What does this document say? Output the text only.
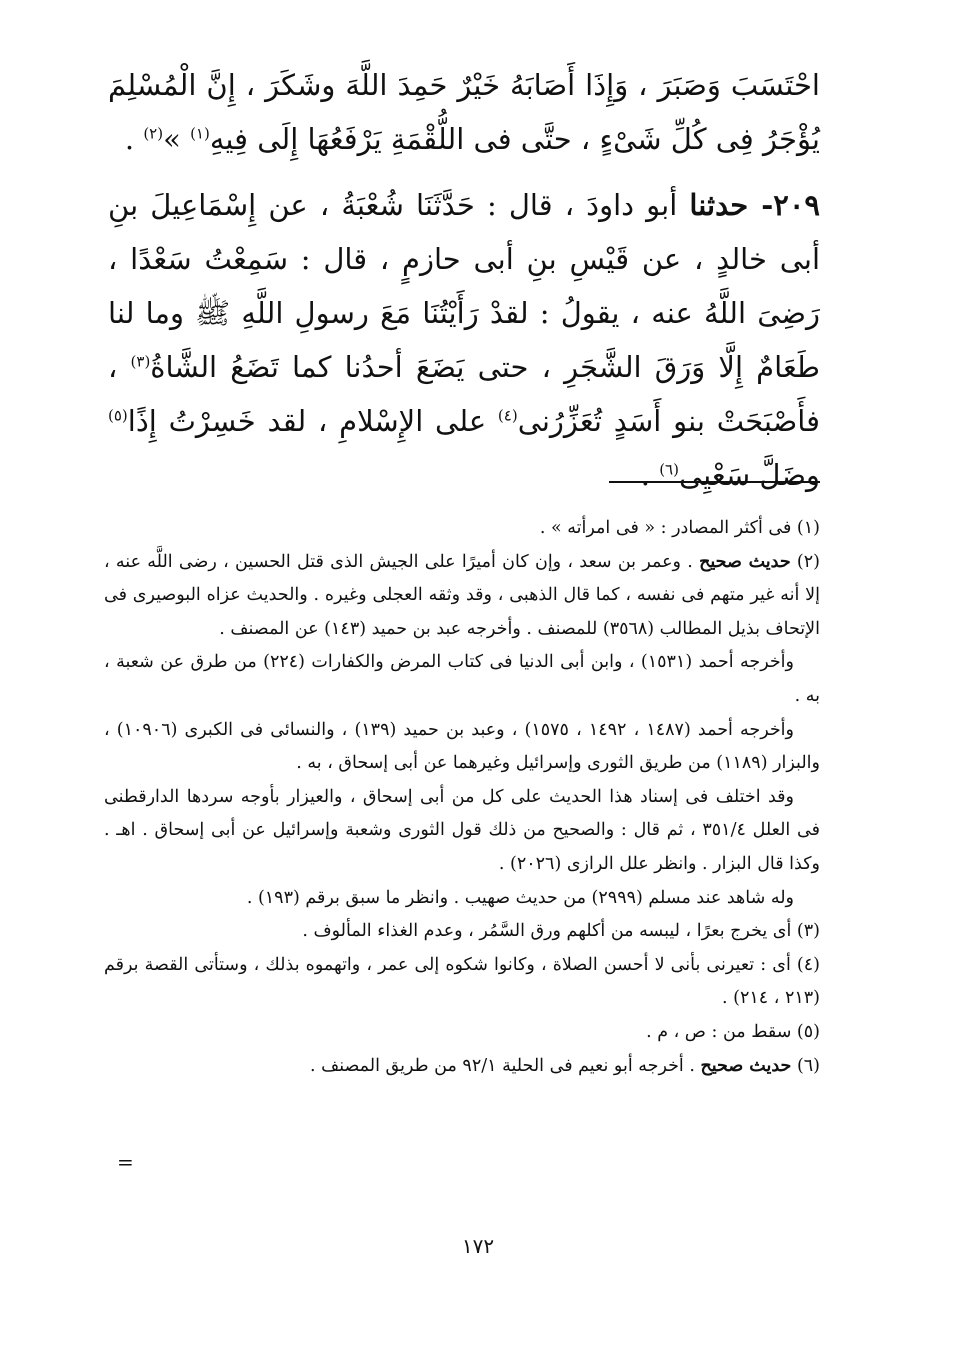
احْتَسَبَ وَصَبَرَ ، وَإِذَا أَصَابَهُ خَيْرٌ حَمِدَ اللَّهَ وشَكَرَ ، إِنَّ الْمُسْلِمَ يُؤْجَرُ فِى كُلِّ شَىْءٍ ، حتَّى فى اللُّقْمَةِ يَرْفَعُهَا إِلَى فِيهِ$^{(١)}$ »$^{(٢)}$ .

٢٠٩- حدثنا أبو داودَ ، قال : حَدَّثَنَا شُعْبَةُ ، عن إِسْمَاعِيلَ بنِ أبى خالدٍ ، عن قَيْسِ بنِ أبى حازمٍ ، قال : سَمِعْتُ سَعْدًا ، رَضِىَ اللَّهُ عنه ، يقولُ : لقدْ رَأَيْتُنَا مَعَ رسولِ اللَّهِ ﷺ وما لنا طَعَامٌ إِلَّا وَرَقَ الشَّجَرِ ، حتى يَضَعَ أحدُنا كما تَضَعُ الشَّاةُ$^{(٣)}$ ، فأَصْبَحَتْ بنو أَسَدٍ تُعَزِّرُنى$^{(٤)}$ على الإِسْلامِ ، لقد خَسِرْتُ إِذًا$^{(٥)}$ وضَلَّ سَعْيِى$^{(٦)}$ .

(١) فى أكثر المصادر : « فى امرأته » .

(٢) حديث صحيح . وعمر بن سعد ، وإن كان أميرًا على الجيش الذى قتل الحسين ، رضى اللَّه عنه ، إلا أنه غير متهم فى نفسه ، كما قال الذهبى ، وقد وثقه العجلى وغيره . والحديث عزاه البوصيرى فى الإتحاف بذيل المطالب (٣٥٦٨) للمصنف . وأخرجه عبد بن حميد (١٤٣) عن المصنف .

وأخرجه أحمد (١٥٣١) ، وابن أبى الدنيا فى كتاب المرض والكفارات (٢٢٤) من طرق عن شعبة ، به .

وأخرجه أحمد (١٤٨٧ ، ١٤٩٢ ، ١٥٧٥) ، وعبد بن حميد (١٣٩) ، والنسائى فى الكبرى (١٠٩٠٦) ، والبزار (١١٨٩) من طريق الثورى وإسرائيل وغيرهما عن أبى إسحاق ، به .

وقد اختلف فى إسناد هذا الحديث على كل من أبى إسحاق ، والعيزار بأوجه سردها الدارقطنى فى العلل ٣٥١/٤ ، ثم قال : والصحيح من ذلك قول الثورى وشعبة وإسرائيل عن أبى إسحاق . اهـ . وكذا قال البزار . وانظر علل الرازى (٢٠٢٦) .

وله شاهد عند مسلم (٢٩٩٩) من حديث صهيب . وانظر ما سبق برقم (١٩٣) .

(٣) أى يخرج بعرًا ، ليبسه من أكلهم ورق السَّمُر ، وعدم الغذاء المألوف .

(٤) أى : تعيرنى بأنى لا أحسن الصلاة ، وكانوا شكوه إلى عمر ، واتهموه بذلك ، وستأتى القصة برقم (٢١٣ ، ٢١٤) .

(٥) سقط من : ص ، م .

(٦) حديث صحيح . أخرجه أبو نعيم فى الحلية ٩٢/١ من طريق المصنف .

=
١٧٢
